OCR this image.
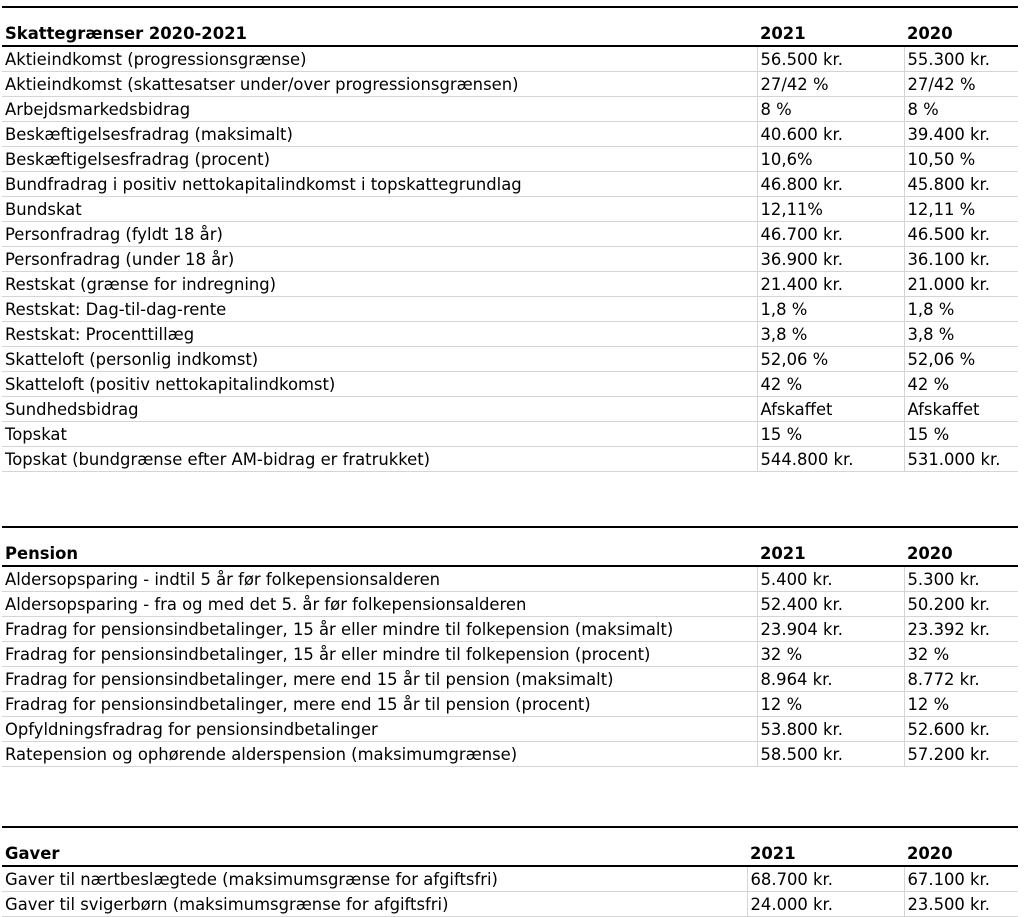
Skattegrænser 2020-2021	2021	2020
Aktieindkomst (progressionsgrænse)	56.500 kr.	55.300 kr.
Aktieindkomst (skattesatser under/over progressionsgrænsen)	27/42 %	27/42 %
Arbejdsmarkedsbidrag	8 %	8 %
Beskæftigelsesfradrag (maksimalt)	40.600 kr.	39.400 kr.
Beskæftigelsesfradrag (procent)	10,6%	10,50 %
Bundfradrag i positiv nettokapitalindkomst i topskattegrundlag	46.800 kr.	45.800 kr.
Bundskat	12,11%	12,11 %
Personfradrag (fyldt 18 år)	46.700 kr.	46.500 kr.
Personfradrag (under 18 år)	36.900 kr.	36.100 kr.
Restskat (grænse for indregning)	21.400 kr.	21.000 kr.
Restskat: Dag-til-dag-rente	1,8 %	1,8 %
Restskat: Procenttillæg	3,8 %	3,8 %
Skatteloft (personlig indkomst)	52,06 %	52,06 %
Skatteloft (positiv nettokapitalindkomst)	42 %	42 %
Sundhedsbidrag	Afskaffet	Afskaffet
Topskat	15 %	15 %
Topskat (bundgrænse efter AM-bidrag er fratrukket)	544.800 kr.	531.000 kr.
Pension	2021	2020
Aldersopsparing - indtil 5 år før folkepensionsalderen	5.400 kr.	5.300 kr.
Aldersopsparing - fra og med det 5. år før folkepensionsalderen	52.400 kr.	50.200 kr.
Fradrag for pensionsindbetalinger, 15 år eller mindre til folkepension (maksimalt)	23.904 kr.	23.392 kr.
Fradrag for pensionsindbetalinger, 15 år eller mindre til folkepension (procent)	32 %	32 %
Fradrag for pensionsindbetalinger, mere end 15 år til pension (maksimalt)	8.964 kr.	8.772 kr.
Fradrag for pensionsindbetalinger, mere end 15 år til pension (procent)	12 %	12 %
Opfyldningsfradrag for pensionsindbetalinger	53.800 kr.	52.600 kr.
Ratepension og ophørende alderspension (maksimumgrænse)	58.500 kr.	57.200 kr.
Gaver	2021	2020
Gaver til nærtbeslægtede (maksimumsgrænse for afgiftsfri)	68.700 kr.	67.100 kr.
Gaver til svigerbørn (maksimumsgrænse for afgiftsfri)	24.000 kr.	23.500 kr.
